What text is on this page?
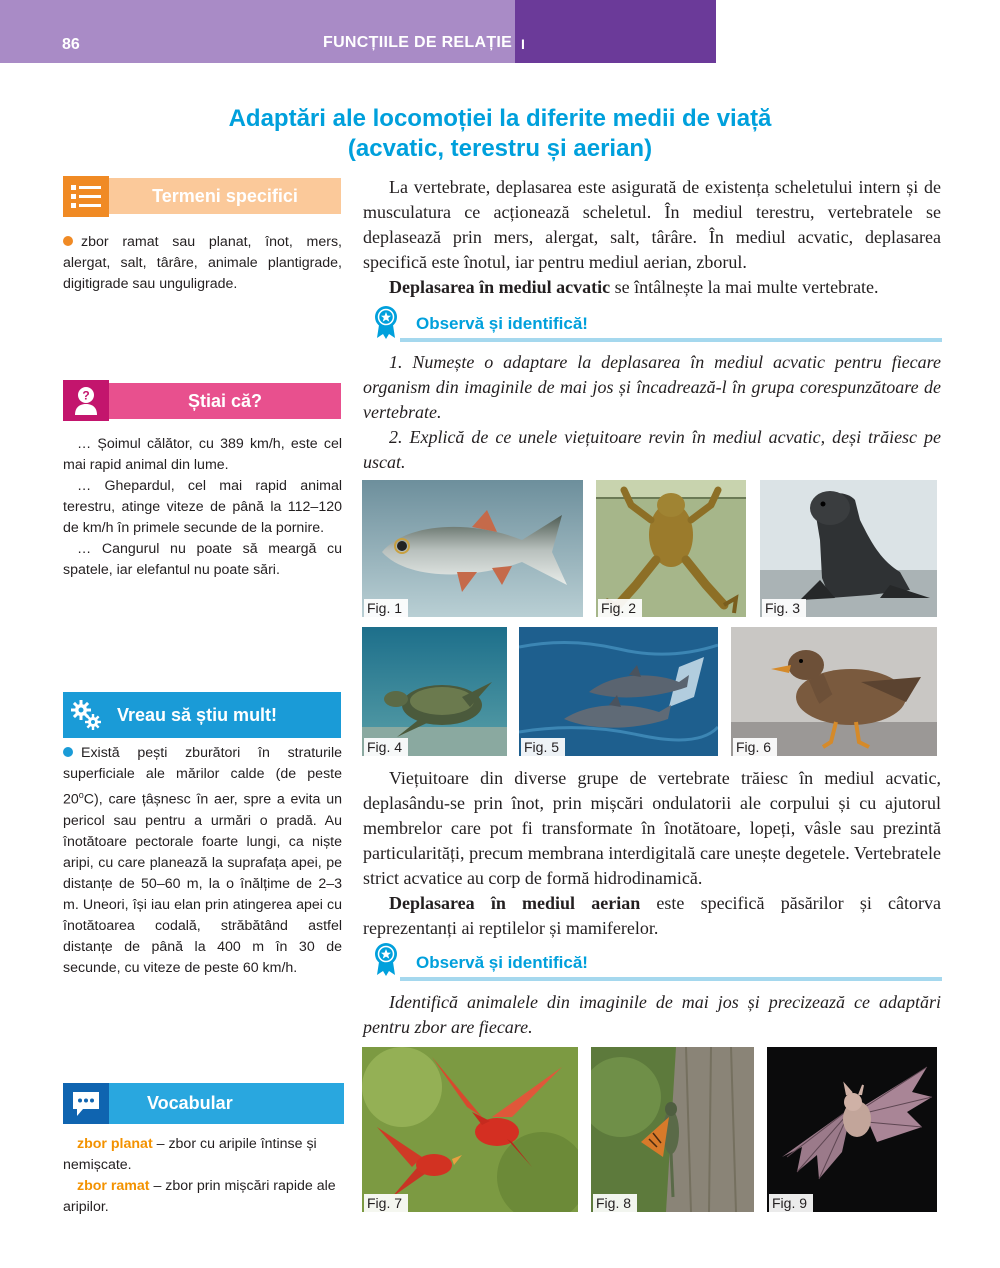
86	FUNCȚIILE DE RELAȚIE I
Adaptări ale locomoției la diferite medii de viață
(acvatic, terestru și aerian)
Termeni specifici

zbor ramat sau planat, înot, mers, alergat, salt, târâre, animale plantigrade, digitigrade sau unguligrade.

?	Știai că?

… Șoimul călător, cu 389 km/h, este cel mai rapid animal din lume.

… Ghepardul, cel mai rapid animal terestru, atinge viteze de până la 112–120 de km/h în primele secunde de la pornire.

… Cangurul nu poate să meargă cu spatele, iar elefantul nu poate sări.

Vreau să știu mult!

Există pești zburători în straturile superficiale ale mărilor calde (de peste 20$^o$C), care țâșnesc în aer, spre a evita un pericol sau pentru a urmări o pradă. Au înotătoare pectorale foarte lungi, ca niște aripi, cu care planează la suprafața apei, pe distanțe de 50–60 m, la o înălțime de 2–3 m. Uneori, își iau elan prin atingerea apei cu înotătoarea codală, străbătând astfel distanțe de până la 400 m în 30 de secunde, cu viteze de peste 60 km/h.

Vocabular

zbor planat – zbor cu aripile întinse și nemișcate.

zbor ramat – zbor prin mișcări rapide ale aripilor.

La vertebrate, deplasarea este asigurată de existența scheletului intern și de musculatura ce acționează scheletul. În mediul terestru, vertebratele se deplasează prin mers, alergat, salt, târâre. În mediul acvatic, deplasarea specifică este înotul, iar pentru mediul aerian, zborul.

Deplasarea în mediul acvatic se întâlnește la mai multe vertebrate.

Observă și identifică!

1. Numește o adaptare la deplasarea în mediul acvatic pentru fiecare organism din imaginile de mai jos și încadrează-l în grupa corespunzătoare de vertebrate.

2. Explică de ce unele viețuitoare revin în mediul acvatic, deși trăiesc pe uscat.

Fig. 1	Fig. 2	Fig. 3
Fig. 4	Fig. 5	Fig. 6

Viețuitoare din diverse grupe de vertebrate trăiesc în mediul acvatic, deplasându-se prin înot, prin mișcări ondulatorii ale corpului și cu ajutorul membrelor care pot fi transformate în înotătoare, lopeți, vâsle sau prezintă particularități, precum membrana interdigitală care unește degetele. Vertebratele strict acvatice au corp de formă hidrodinamică.

Deplasarea în mediul aerian este specifică păsărilor și câtorva reprezentanți ai reptilelor și mamiferelor.

Observă și identifică!

Identifică animalele din imaginile de mai jos și precizează ce adaptări pentru zbor are fiecare.

Fig. 7	Fig. 8	Fig. 9
